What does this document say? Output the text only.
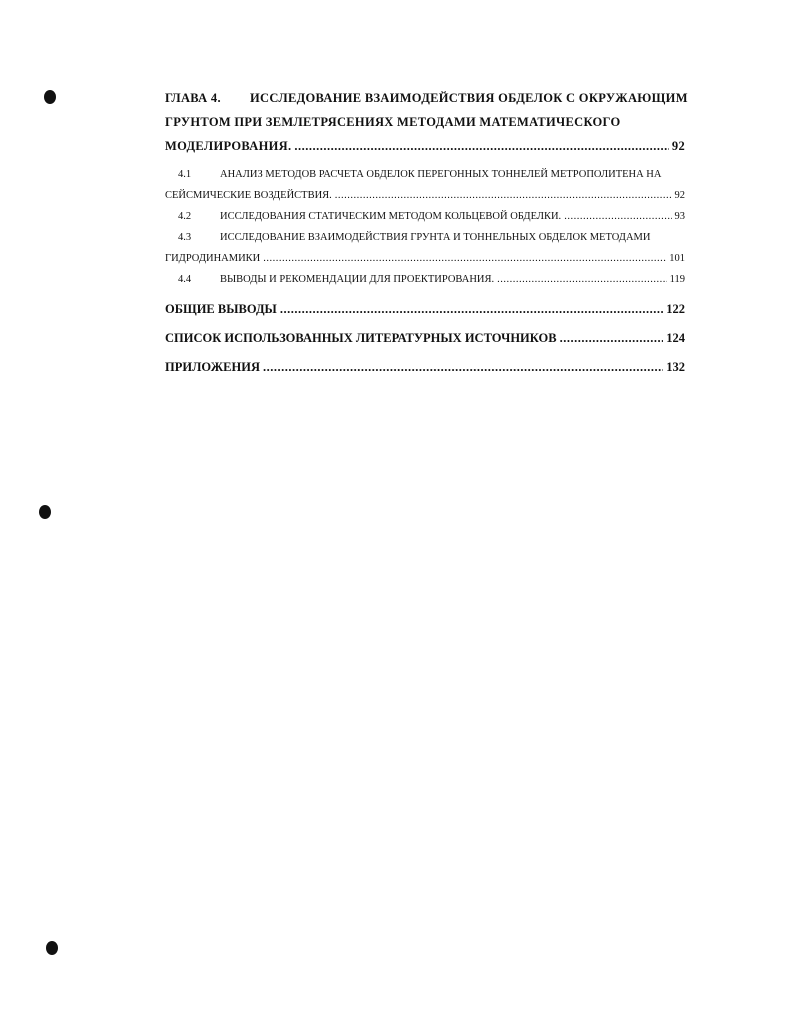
ГЛАВА 4. ИССЛЕДОВАНИЕ ВЗАИМОДЕЙСТВИЯ ОБДЕЛОК С ОКРУЖАЮЩИМ
ГРУНТОМ ПРИ ЗЕМЛЕТРЯСЕНИЯХ МЕТОДАМИ МАТЕМАТИЧЕСКОГО
МОДЕЛИРОВАНИЯ. .....	92
4.1	АНАЛИЗ МЕТОДОВ РАСЧЕТА ОБДЕЛОК ПЕРЕГОННЫХ ТОННЕЛЕЙ МЕТРОПОЛИТЕНА НА
СЕЙСМИЧЕСКИЕ ВОЗДЕЙСТВИЯ. .....	92
4.2	ИССЛЕДОВАНИЯ СТАТИЧЕСКИМ МЕТОДОМ КОЛЬЦЕВОЙ ОБДЕЛКИ. .....	93
4.3	ИССЛЕДОВАНИЕ ВЗАИМОДЕЙСТВИЯ ГРУНТА И ТОННЕЛЬНЫХ ОБДЕЛОК МЕТОДАМИ
ГИДРОДИНАМИКИ .....	101
4.4	ВЫВОДЫ И РЕКОМЕНДАЦИИ ДЛЯ ПРОЕКТИРОВАНИЯ. .....	119
ОБЩИЕ ВЫВОДЫ .....	122
СПИСОК ИСПОЛЬЗОВАННЫХ ЛИТЕРАТУРНЫХ ИСТОЧНИКОВ .....	124
ПРИЛОЖЕНИЯ .....	132
